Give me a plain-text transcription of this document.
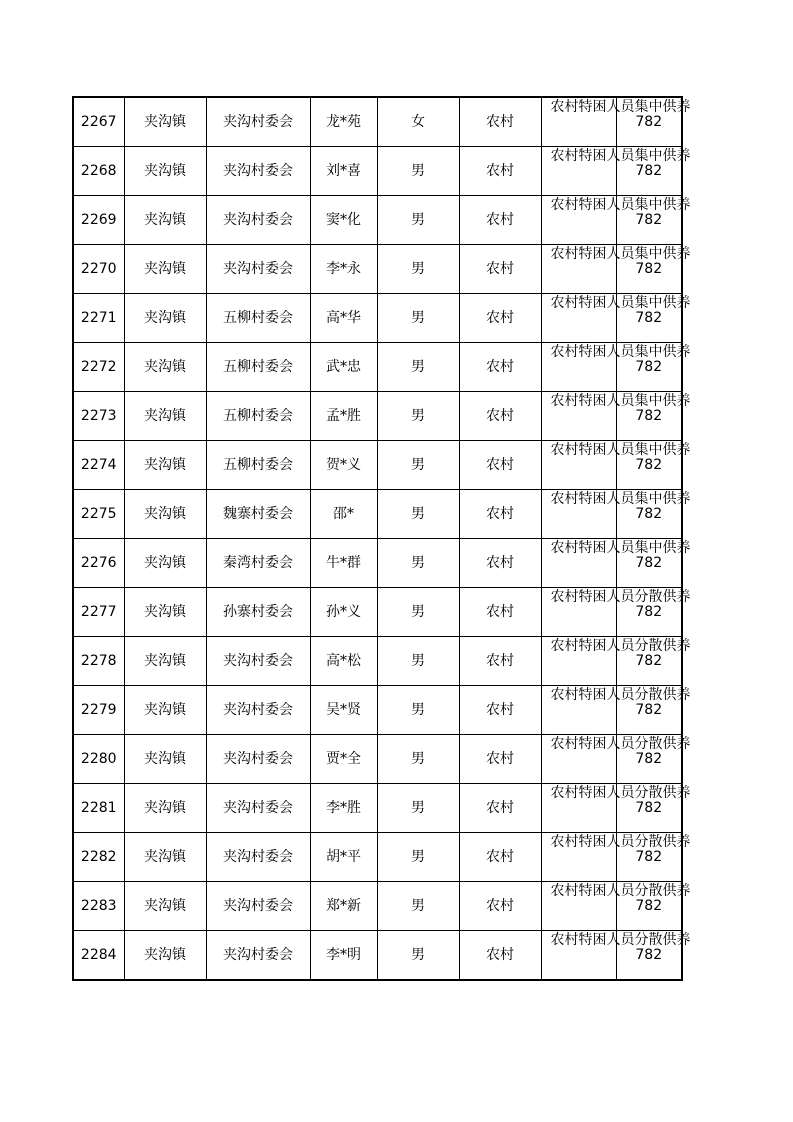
2267	夹沟镇	夹沟村委会	龙*苑	女	农村	农村特困人员集中供养	782
2268	夹沟镇	夹沟村委会	刘*喜	男	农村	农村特困人员集中供养	782
2269	夹沟镇	夹沟村委会	窦*化	男	农村	农村特困人员集中供养	782
2270	夹沟镇	夹沟村委会	李*永	男	农村	农村特困人员集中供养	782
2271	夹沟镇	五柳村委会	高*华	男	农村	农村特困人员集中供养	782
2272	夹沟镇	五柳村委会	武*忠	男	农村	农村特困人员集中供养	782
2273	夹沟镇	五柳村委会	孟*胜	男	农村	农村特困人员集中供养	782
2274	夹沟镇	五柳村委会	贺*义	男	农村	农村特困人员集中供养	782
2275	夹沟镇	魏寨村委会	邵*	男	农村	农村特困人员集中供养	782
2276	夹沟镇	秦湾村委会	牛*群	男	农村	农村特困人员集中供养	782
2277	夹沟镇	孙寨村委会	孙*义	男	农村	农村特困人员分散供养	782
2278	夹沟镇	夹沟村委会	高*松	男	农村	农村特困人员分散供养	782
2279	夹沟镇	夹沟村委会	吴*贤	男	农村	农村特困人员分散供养	782
2280	夹沟镇	夹沟村委会	贾*全	男	农村	农村特困人员分散供养	782
2281	夹沟镇	夹沟村委会	李*胜	男	农村	农村特困人员分散供养	782
2282	夹沟镇	夹沟村委会	胡*平	男	农村	农村特困人员分散供养	782
2283	夹沟镇	夹沟村委会	郑*新	男	农村	农村特困人员分散供养	782
2284	夹沟镇	夹沟村委会	李*明	男	农村	农村特困人员分散供养	782
